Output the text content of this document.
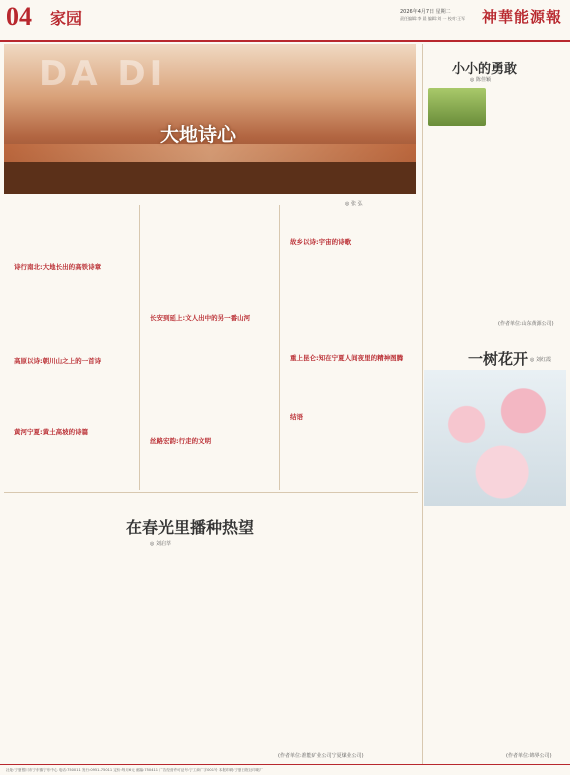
04 家园	2026年4月7日 星期二
责任编辑:李 晨 编辑:刘 一 校对:王军 神華能源報
DA DI
大地诗心
◎ 张 弘
诗行南北:大地长出的高铁诗章
高原以诗:朝川山之上的一首诗
黄河宁夏:黄土高坡的诗篇
长安到延上:文人出中的另一番山河
丝路宏韵:行走的文明
故乡以诗:宇宙的诗歌
重上昆仑:知在宁夏人间夜里的精神图腾
结语
小小的勇敢
◎ 陈佳颖
(作者单位:山东黄源公司)
一树花开 ◎ 刘红霞
(作者单位:锦界公司)
在春光里播种热望
◎ 刘启萃
(作者单位:准能矿业公司宁夏煤业公司)
社址:宁夏银川市宁东镇宁东中心 电话:750011 发行:0951-75011 定价:每月6元 邮编:750411 广告经营许可证号:宁工商广字001号 本报印刷:宁夏日报社印刷厂
